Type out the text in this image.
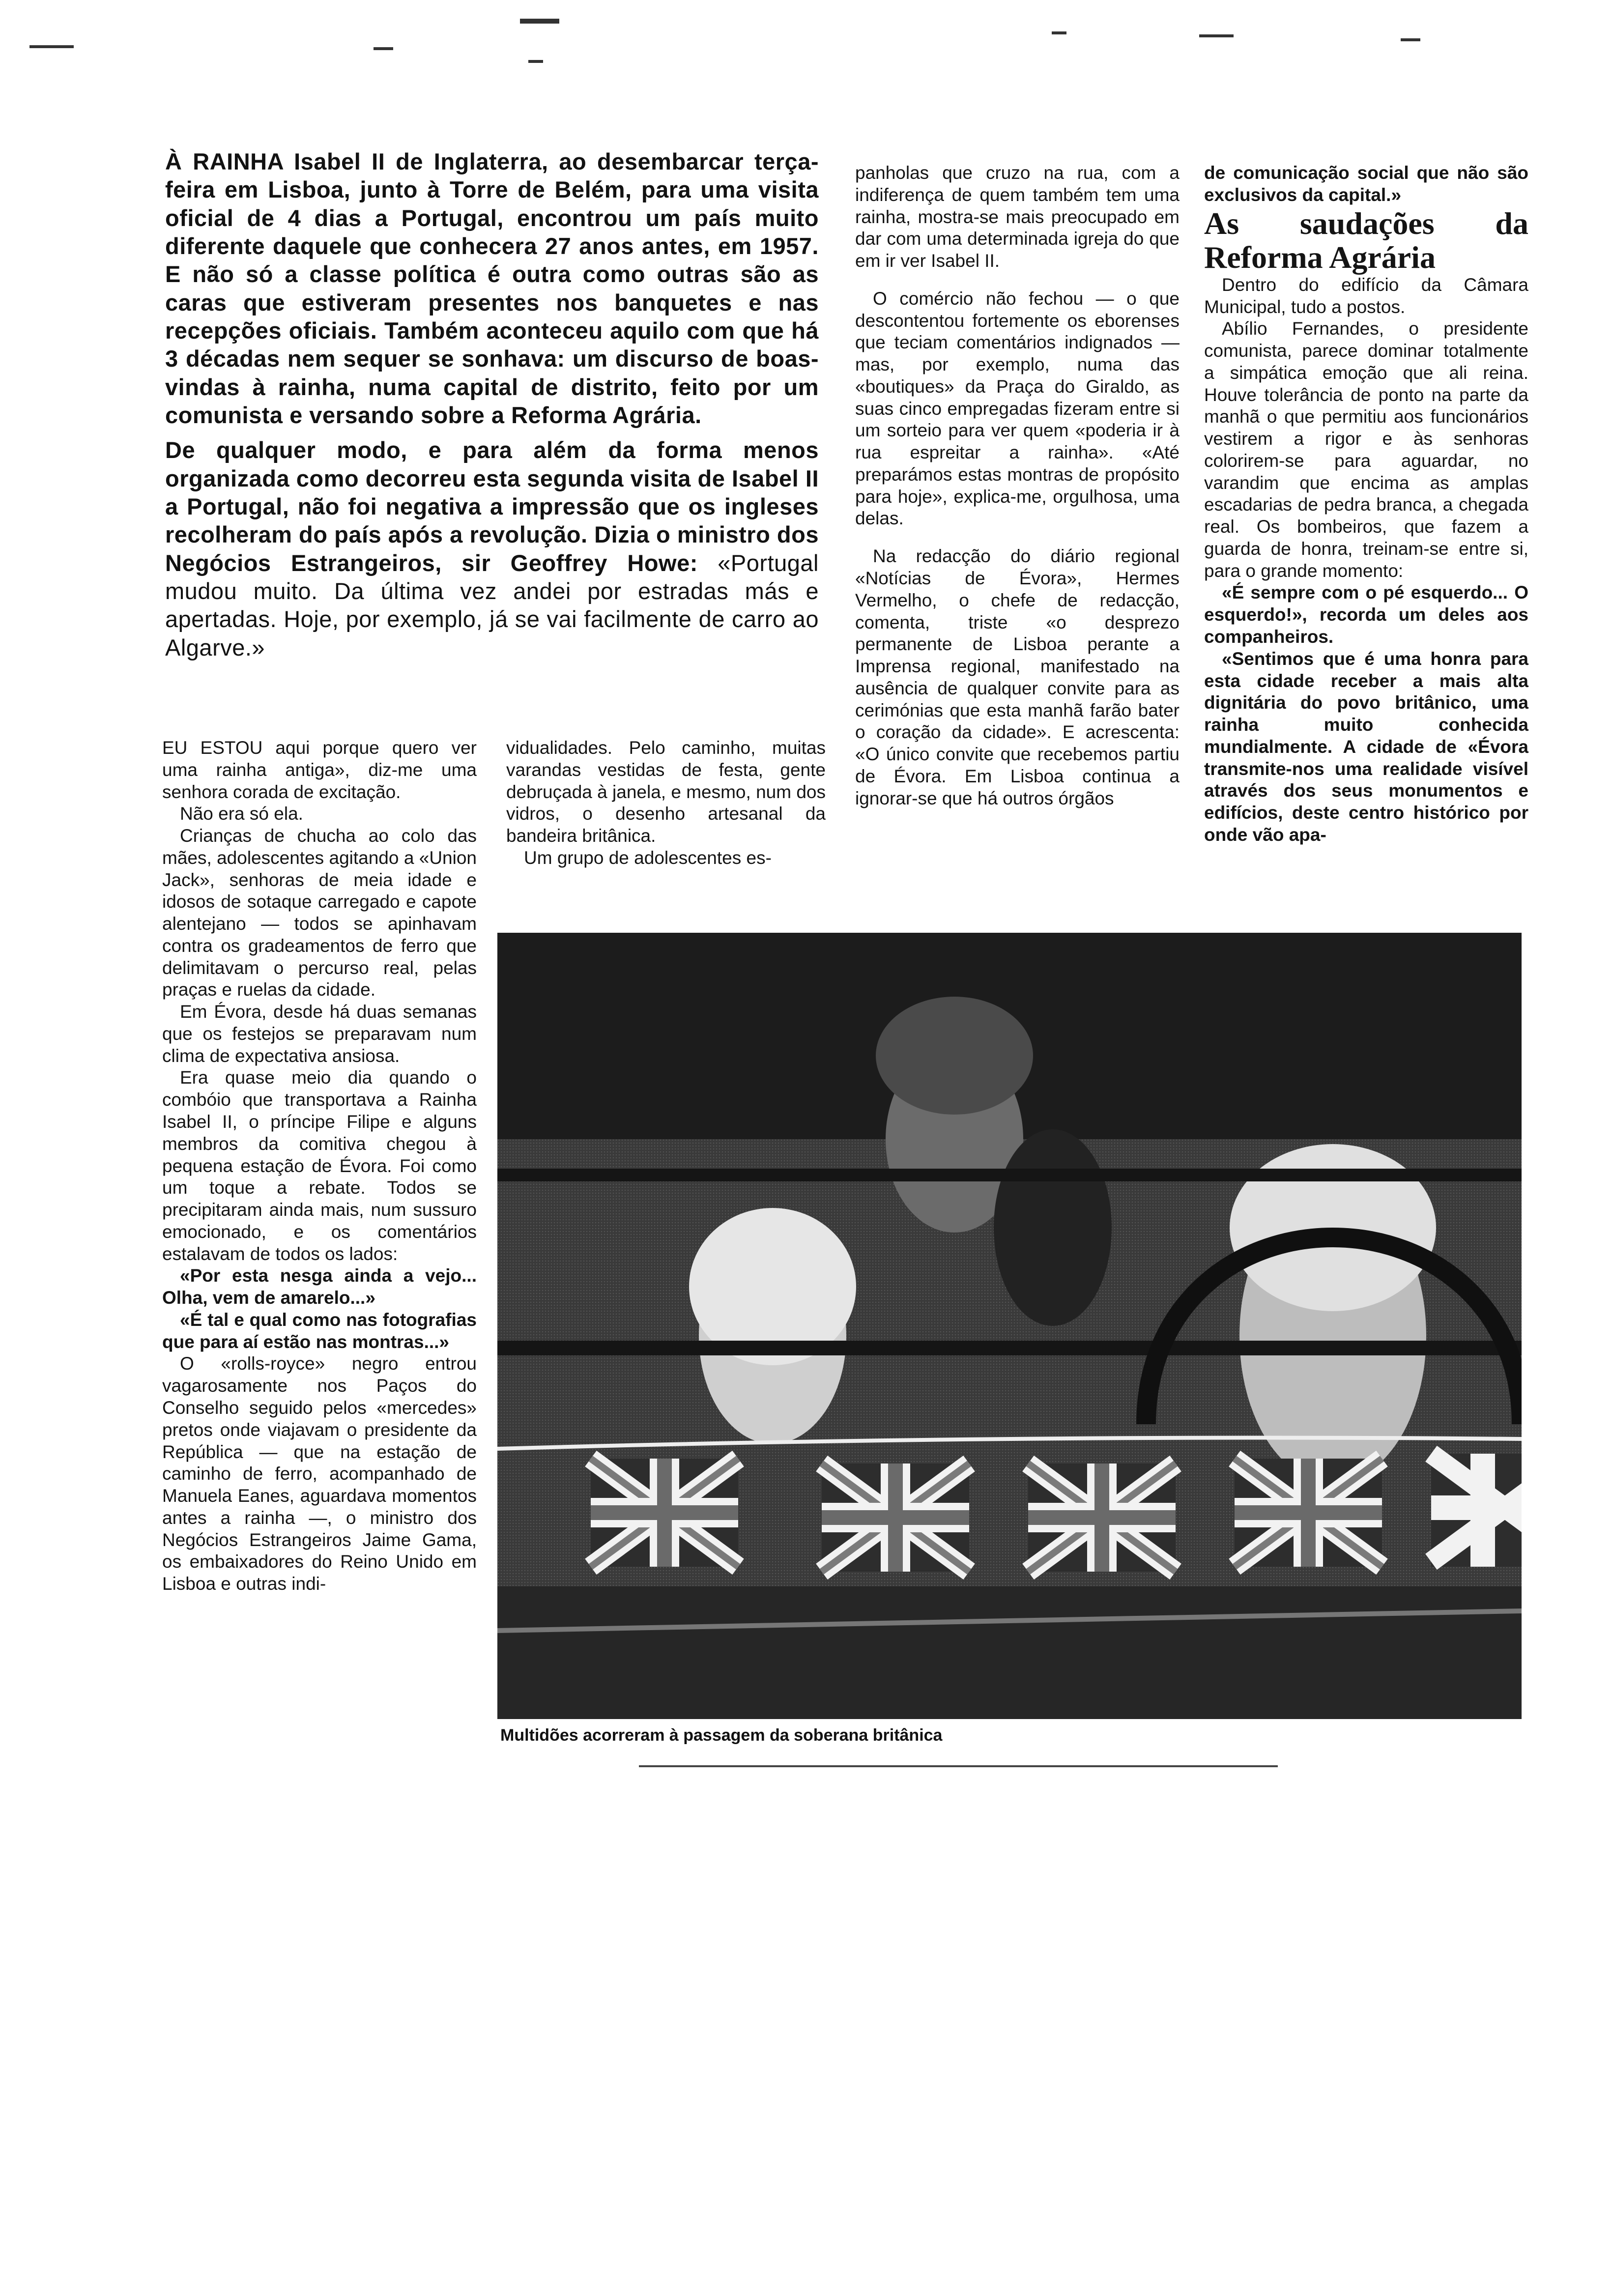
À RAINHA Isabel II de Inglaterra, ao desembarcar terça-feira em Lisboa, junto à Torre de Belém, para uma visita oficial de 4 dias a Portugal, encontrou um país muito diferente daquele que conhecera 27 anos antes, em 1957. E não só a classe política é outra como outras são as caras que estiveram presentes nos banquetes e nas recepções oficiais. Também aconteceu aquilo com que há 3 décadas nem sequer se sonhava: um discurso de boas-vindas à rainha, numa capital de distrito, feito por um comunista e versando sobre a Reforma Agrária.

De qualquer modo, e para além da forma menos organizada como decorreu esta segunda visita de Isabel II a Portugal, não foi negativa a impressão que os ingleses recolheram do país após a revolução. Dizia o ministro dos Negócios Estrangeiros, sir Geoffrey Howe: «Portugal mudou muito. Da última vez andei por estradas más e apertadas. Hoje, por exemplo, já se vai facilmente de carro ao Algarve.»

EU ESTOU aqui porque quero ver uma rainha antiga», diz-me uma senhora corada de excitação.

Não era só ela.

Crianças de chucha ao colo das mães, adolescentes agitando a «Union Jack», senhoras de meia idade e idosos de sotaque carregado e capote alentejano — todos se apinhavam contra os gradeamentos de ferro que delimitavam o percurso real, pelas praças e ruelas da cidade.

Em Évora, desde há duas semanas que os festejos se preparavam num clima de expectativa ansiosa.

Era quase meio dia quando o combóio que transportava a Rainha Isabel II, o príncipe Filipe e alguns membros da comitiva chegou à pequena estação de Évora. Foi como um toque a rebate. Todos se precipitaram ainda mais, num sussuro emocionado, e os comentários estalavam de todos os lados:

«Por esta nesga ainda a vejo... Olha, vem de amarelo...»

«É tal e qual como nas fotografias que para aí estão nas montras...»

O «rolls-royce» negro entrou vagarosamente nos Paços do Conselho seguido pelos «mercedes» pretos onde viajavam o presidente da República — que na estação de caminho de ferro, acompanhado de Manuela Eanes, aguardava momentos antes a rainha —, o ministro dos Negócios Estrangeiros Jaime Gama, os embaixadores do Reino Unido em Lisboa e outras indi-

vidualidades. Pelo caminho, muitas varandas vestidas de festa, gente debruçada à janela, e mesmo, num dos vidros, o desenho artesanal da bandeira britânica.

Um grupo de adolescentes es-

panholas que cruzo na rua, com a indiferença de quem também tem uma rainha, mostra-se mais preocupado em dar com uma determinada igreja do que em ir ver Isabel II.

O comércio não fechou — o que descontentou fortemente os eborenses que teciam comentários indignados — mas, por exemplo, numa das «boutiques» da Praça do Giraldo, as suas cinco empregadas fizeram entre si um sorteio para ver quem «poderia ir à rua espreitar a rainha». «Até preparámos estas montras de propósito para hoje», explica-me, orgulhosa, uma delas.

Na redacção do diário regional «Notícias de Évora», Hermes Vermelho, o chefe de redacção, comenta, triste «o desprezo permanente de Lisboa perante a Imprensa regional, manifestado na ausência de qualquer convite para as cerimónias que esta manhã farão bater o coração da cidade». E acrescenta: «O único convite que recebemos partiu de Évora. Em Lisboa continua a ignorar-se que há outros órgãos

de comunicação social que não são exclusivos da capital.»

As saudações da Reforma Agrária

Dentro do edifício da Câmara Municipal, tudo a postos.

Abílio Fernandes, o presidente comunista, parece dominar totalmente a simpática emoção que ali reina. Houve tolerância de ponto na parte da manhã o que permitiu aos funcionários vestirem a rigor e às senhoras colorirem-se para aguardar, no varandim que encima as amplas escadarias de pedra branca, a chegada real. Os bombeiros, que fazem a guarda de honra, treinam-se entre si, para o grande momento:

«É sempre com o pé esquerdo... O esquerdo!», recorda um deles aos companheiros.

«Sentimos que é uma honra para esta cidade receber a mais alta dignitária do povo britânico, uma rainha muito conhecida mundialmente. A cidade de «Évora transmite-nos uma realidade visível através dos seus monumentos e edifícios, deste centro histórico por onde vão apa-

Multidões acorreram à passagem da soberana britânica
